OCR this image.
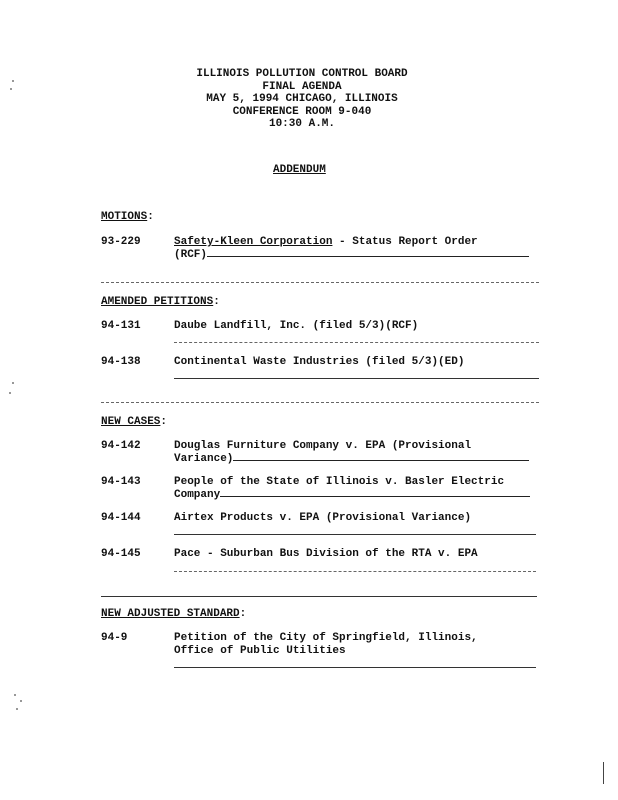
ILLINOIS POLLUTION CONTROL BOARD
FINAL AGENDA
MAY 5, 1994 CHICAGO, ILLINOIS
CONFERENCE ROOM 9-040
10:30 A.M.
ADDENDUM
MOTIONS:
93-229	Safety-Kleen Corporation - Status Report Order
(RCF)
AMENDED PETITIONS:
94-131	Daube Landfill, Inc. (filed 5/3)(RCF)
94-138	Continental Waste Industries (filed 5/3)(ED)
NEW CASES:
94-142	Douglas Furniture Company v. EPA (Provisional
Variance)
94-143	People of the State of Illinois v. Basler Electric
Company
94-144	Airtex Products v. EPA (Provisional Variance)
94-145	Pace - Suburban Bus Division of the RTA v. EPA
NEW ADJUSTED STANDARD:
94-9	Petition of the City of Springfield, Illinois,
Office of Public Utilities
